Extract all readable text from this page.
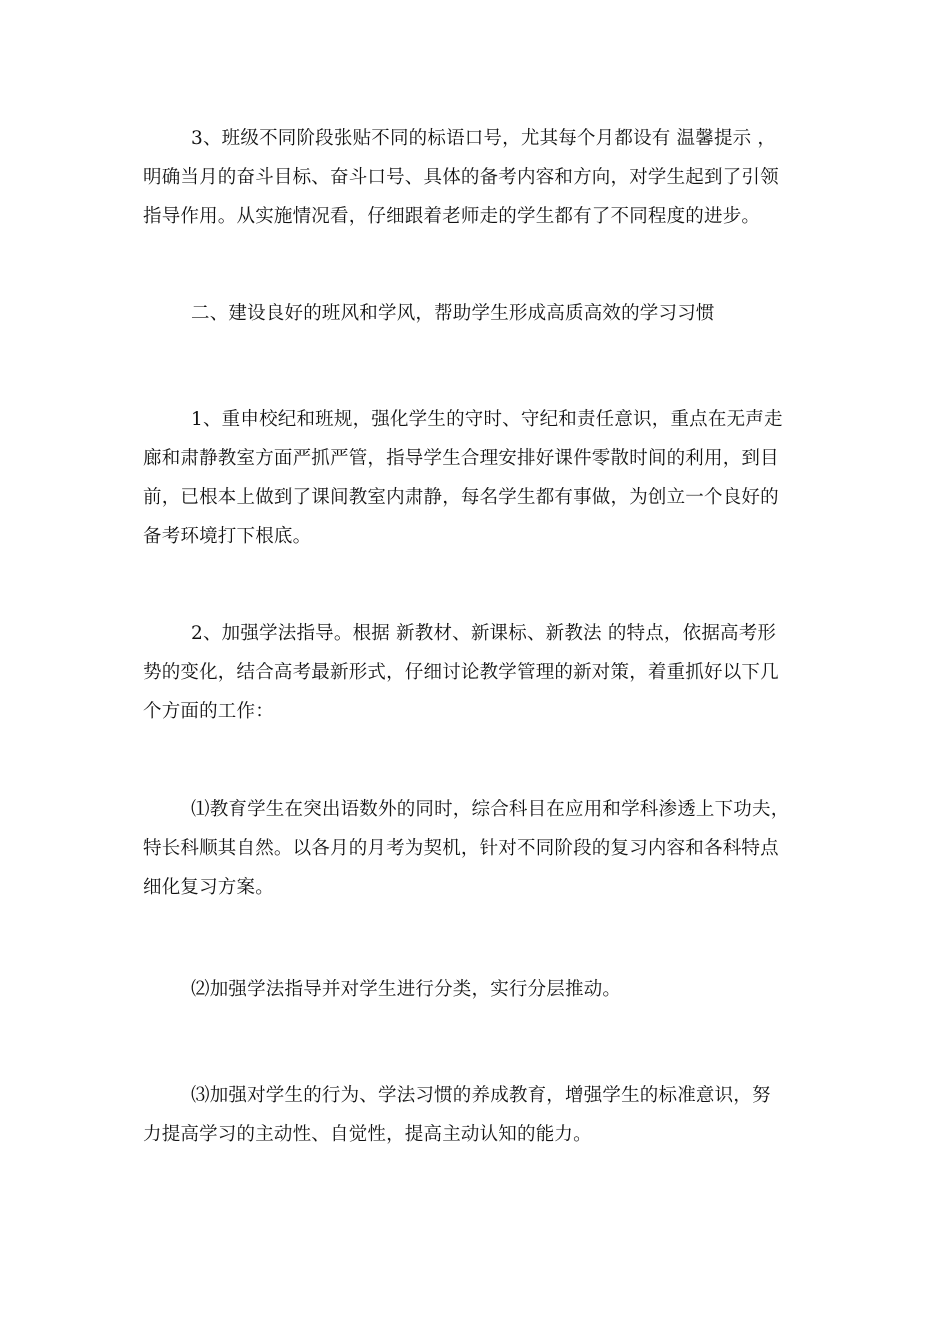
3、班级不同阶段张贴不同的标语口号，尤其每个月都设有 温馨提示 ，
明确当月的奋斗目标、奋斗口号、具体的备考内容和方向，对学生起到了引领
指导作用。从实施情况看，仔细跟着老师走的学生都有了不同程度的进步。
二、建设良好的班风和学风，帮助学生形成高质高效的学习习惯
1、重申校纪和班规，强化学生的守时、守纪和责任意识，重点在无声走
廊和肃静教室方面严抓严管，指导学生合理安排好课件零散时间的利用，到目
前，已根本上做到了课间教室内肃静，每名学生都有事做，为创立一个良好的
备考环境打下根底。
2、加强学法指导。根据 新教材、新课标、新教法 的特点，依据高考形
势的变化，结合高考最新形式，仔细讨论教学管理的新对策，着重抓好以下几
个方面的工作：
⑴教育学生在突出语数外的同时，综合科目在应用和学科渗透上下功夫，
特长科顺其自然。以各月的月考为契机，针对不同阶段的复习内容和各科特点
细化复习方案。
⑵加强学法指导并对学生进行分类，实行分层推动。
⑶加强对学生的行为、学法习惯的养成教育，增强学生的标准意识，努
力提高学习的主动性、自觉性，提高主动认知的能力。
